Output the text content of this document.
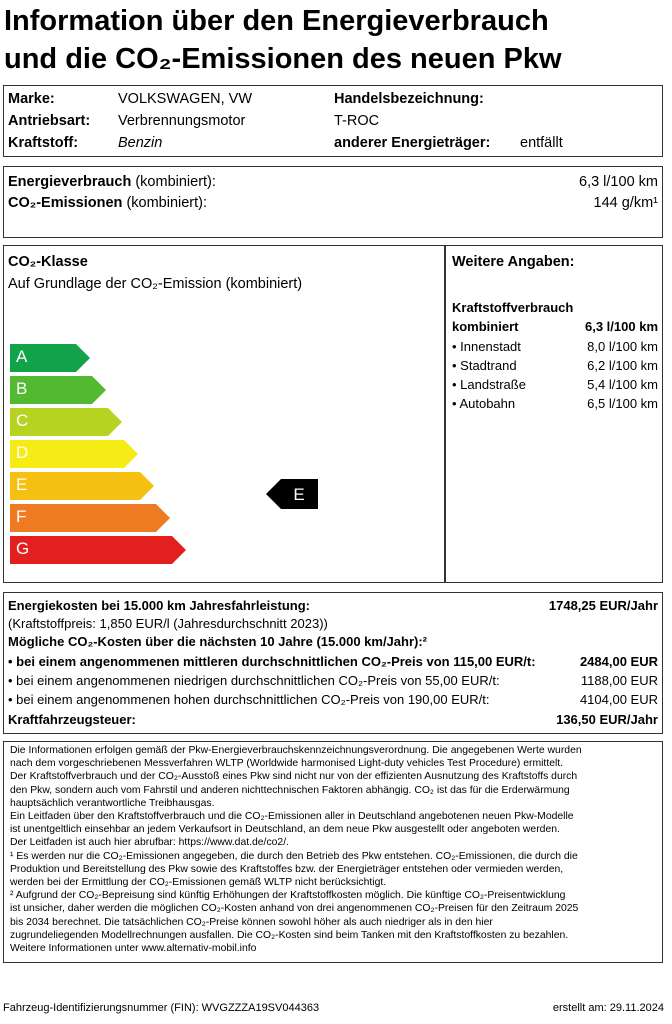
Information über den Energieverbrauch
und die CO₂-Emissionen des neuen Pkw
Marke:	VOLKSWAGEN, VW
Antriebsart: Verbrennungsmotor
Kraftstoff:	Benzin
Handelsbezeichnung:
T-ROC
anderer Energieträger: entfällt
Energieverbrauch (kombiniert):	6,3 l/100 km
CO₂-Emissionen (kombiniert):	144 g/km¹
CO₂-Klasse
Auf Grundlage der CO₂-Emission (kombiniert)
A
B
C
D
E
F
G
E
Weitere Angaben:
Kraftstoffverbrauch
kombiniert	6,3 l/100 km
• Innenstadt	8,0 l/100 km
• Stadtrand	6,2 l/100 km
• Landstraße	5,4 l/100 km
• Autobahn	6,5 l/100 km
Energiekosten bei 15.000 km Jahresfahrleistung:	1748,25 EUR/Jahr
(Kraftstoffpreis: 1,850 EUR/l (Jahresdurchschnitt 2023))
Mögliche CO₂-Kosten über die nächsten 10 Jahre (15.000 km/Jahr):²
• bei einem angenommenen mittleren durchschnittlichen CO₂-Preis von 115,00 EUR/t:	2484,00 EUR
• bei einem angenommenen niedrigen durchschnittlichen CO₂-Preis von 55,00 EUR/t:	1188,00 EUR
• bei einem angenommenen hohen durchschnittlichen CO₂-Preis von 190,00 EUR/t:	4104,00 EUR
Kraftfahrzeugsteuer:	136,50 EUR/Jahr
Die Informationen erfolgen gemäß der Pkw-Energieverbrauchskennzeichnungsverordnung. Die angegebenen Werte wurden
nach dem vorgeschriebenen Messverfahren WLTP (Worldwide harmonised Light-duty vehicles Test Procedure) ermittelt.
Der Kraftstoffverbrauch und der CO₂-Ausstoß eines Pkw sind nicht nur von der effizienten Ausnutzung des Kraftstoffs durch
den Pkw, sondern auch vom Fahrstil und anderen nichttechnischen Faktoren abhängig. CO₂ ist das für die Erderwärmung
hauptsächlich verantwortliche Treibhausgas.
Ein Leitfaden über den Kraftstoffverbrauch und die CO₂-Emissionen aller in Deutschland angebotenen neuen Pkw-Modelle
ist unentgeltlich einsehbar an jedem Verkaufsort in Deutschland, an dem neue Pkw ausgestellt oder angeboten werden.
Der Leitfaden ist auch hier abrufbar: https://www.dat.de/co2/.
¹ Es werden nur die CO₂-Emissionen angegeben, die durch den Betrieb des Pkw entstehen. CO₂-Emissionen, die durch die
Produktion und Bereitstellung des Pkw sowie des Kraftstoffes bzw. der Energieträger entstehen oder vermieden werden,
werden bei der Ermittlung der CO₂-Emissionen gemäß WLTP nicht berücksichtigt.
² Aufgrund der CO₂-Bepreisung sind künftig Erhöhungen der Kraftstoffkosten möglich. Die künftige CO₂-Preisentwicklung
ist unsicher, daher werden die möglichen CO₂-Kosten anhand von drei angenommenen CO₂-Preisen für den Zeitraum 2025
bis 2034 berechnet. Die tatsächlichen CO₂-Preise können sowohl höher als auch niedriger als in den hier
zugrundeliegenden Modellrechnungen ausfallen. Die CO₂-Kosten sind beim Tanken mit den Kraftstoffkosten zu bezahlen.
Weitere Informationen unter www.alternativ-mobil.info
Fahrzeug-Identifizierungsnummer (FIN): WVGZZZA19SV044363	erstellt am: 29.11.2024
